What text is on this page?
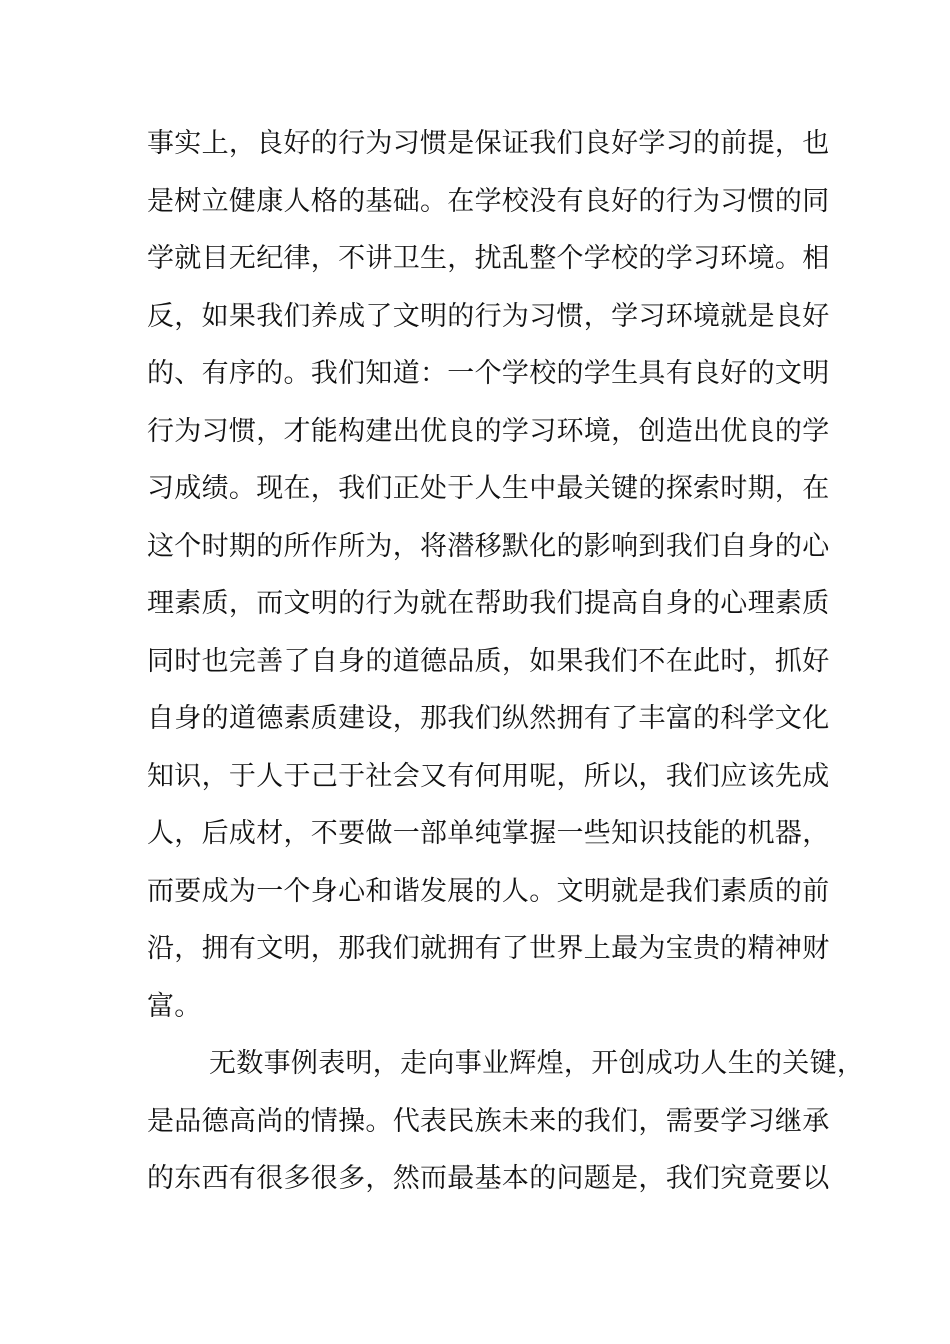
事实上，良好的行为习惯是保证我们良好学习的前提，也
是树立健康人格的基础。在学校没有良好的行为习惯的同
学就目无纪律，不讲卫生，扰乱整个学校的学习环境。相
反，如果我们养成了文明的行为习惯，学习环境就是良好
的、有序的。我们知道：一个学校的学生具有良好的文明
行为习惯，才能构建出优良的学习环境，创造出优良的学
习成绩。现在，我们正处于人生中最关键的探索时期，在
这个时期的所作所为，将潜移默化的影响到我们自身的心
理素质，而文明的行为就在帮助我们提高自身的心理素质
同时也完善了自身的道德品质，如果我们不在此时，抓好
自身的道德素质建设，那我们纵然拥有了丰富的科学文化
知识，于人于己于社会又有何用呢，所以，我们应该先成
人，后成材，不要做一部单纯掌握一些知识技能的机器，
而要成为一个身心和谐发展的人。文明就是我们素质的前
沿，拥有文明，那我们就拥有了世界上最为宝贵的精神财
富。
无数事例表明，走向事业辉煌，开创成功人生的关键，
是品德高尚的情操。代表民族未来的我们，需要学习继承
的东西有很多很多，然而最基本的问题是，我们究竟要以
